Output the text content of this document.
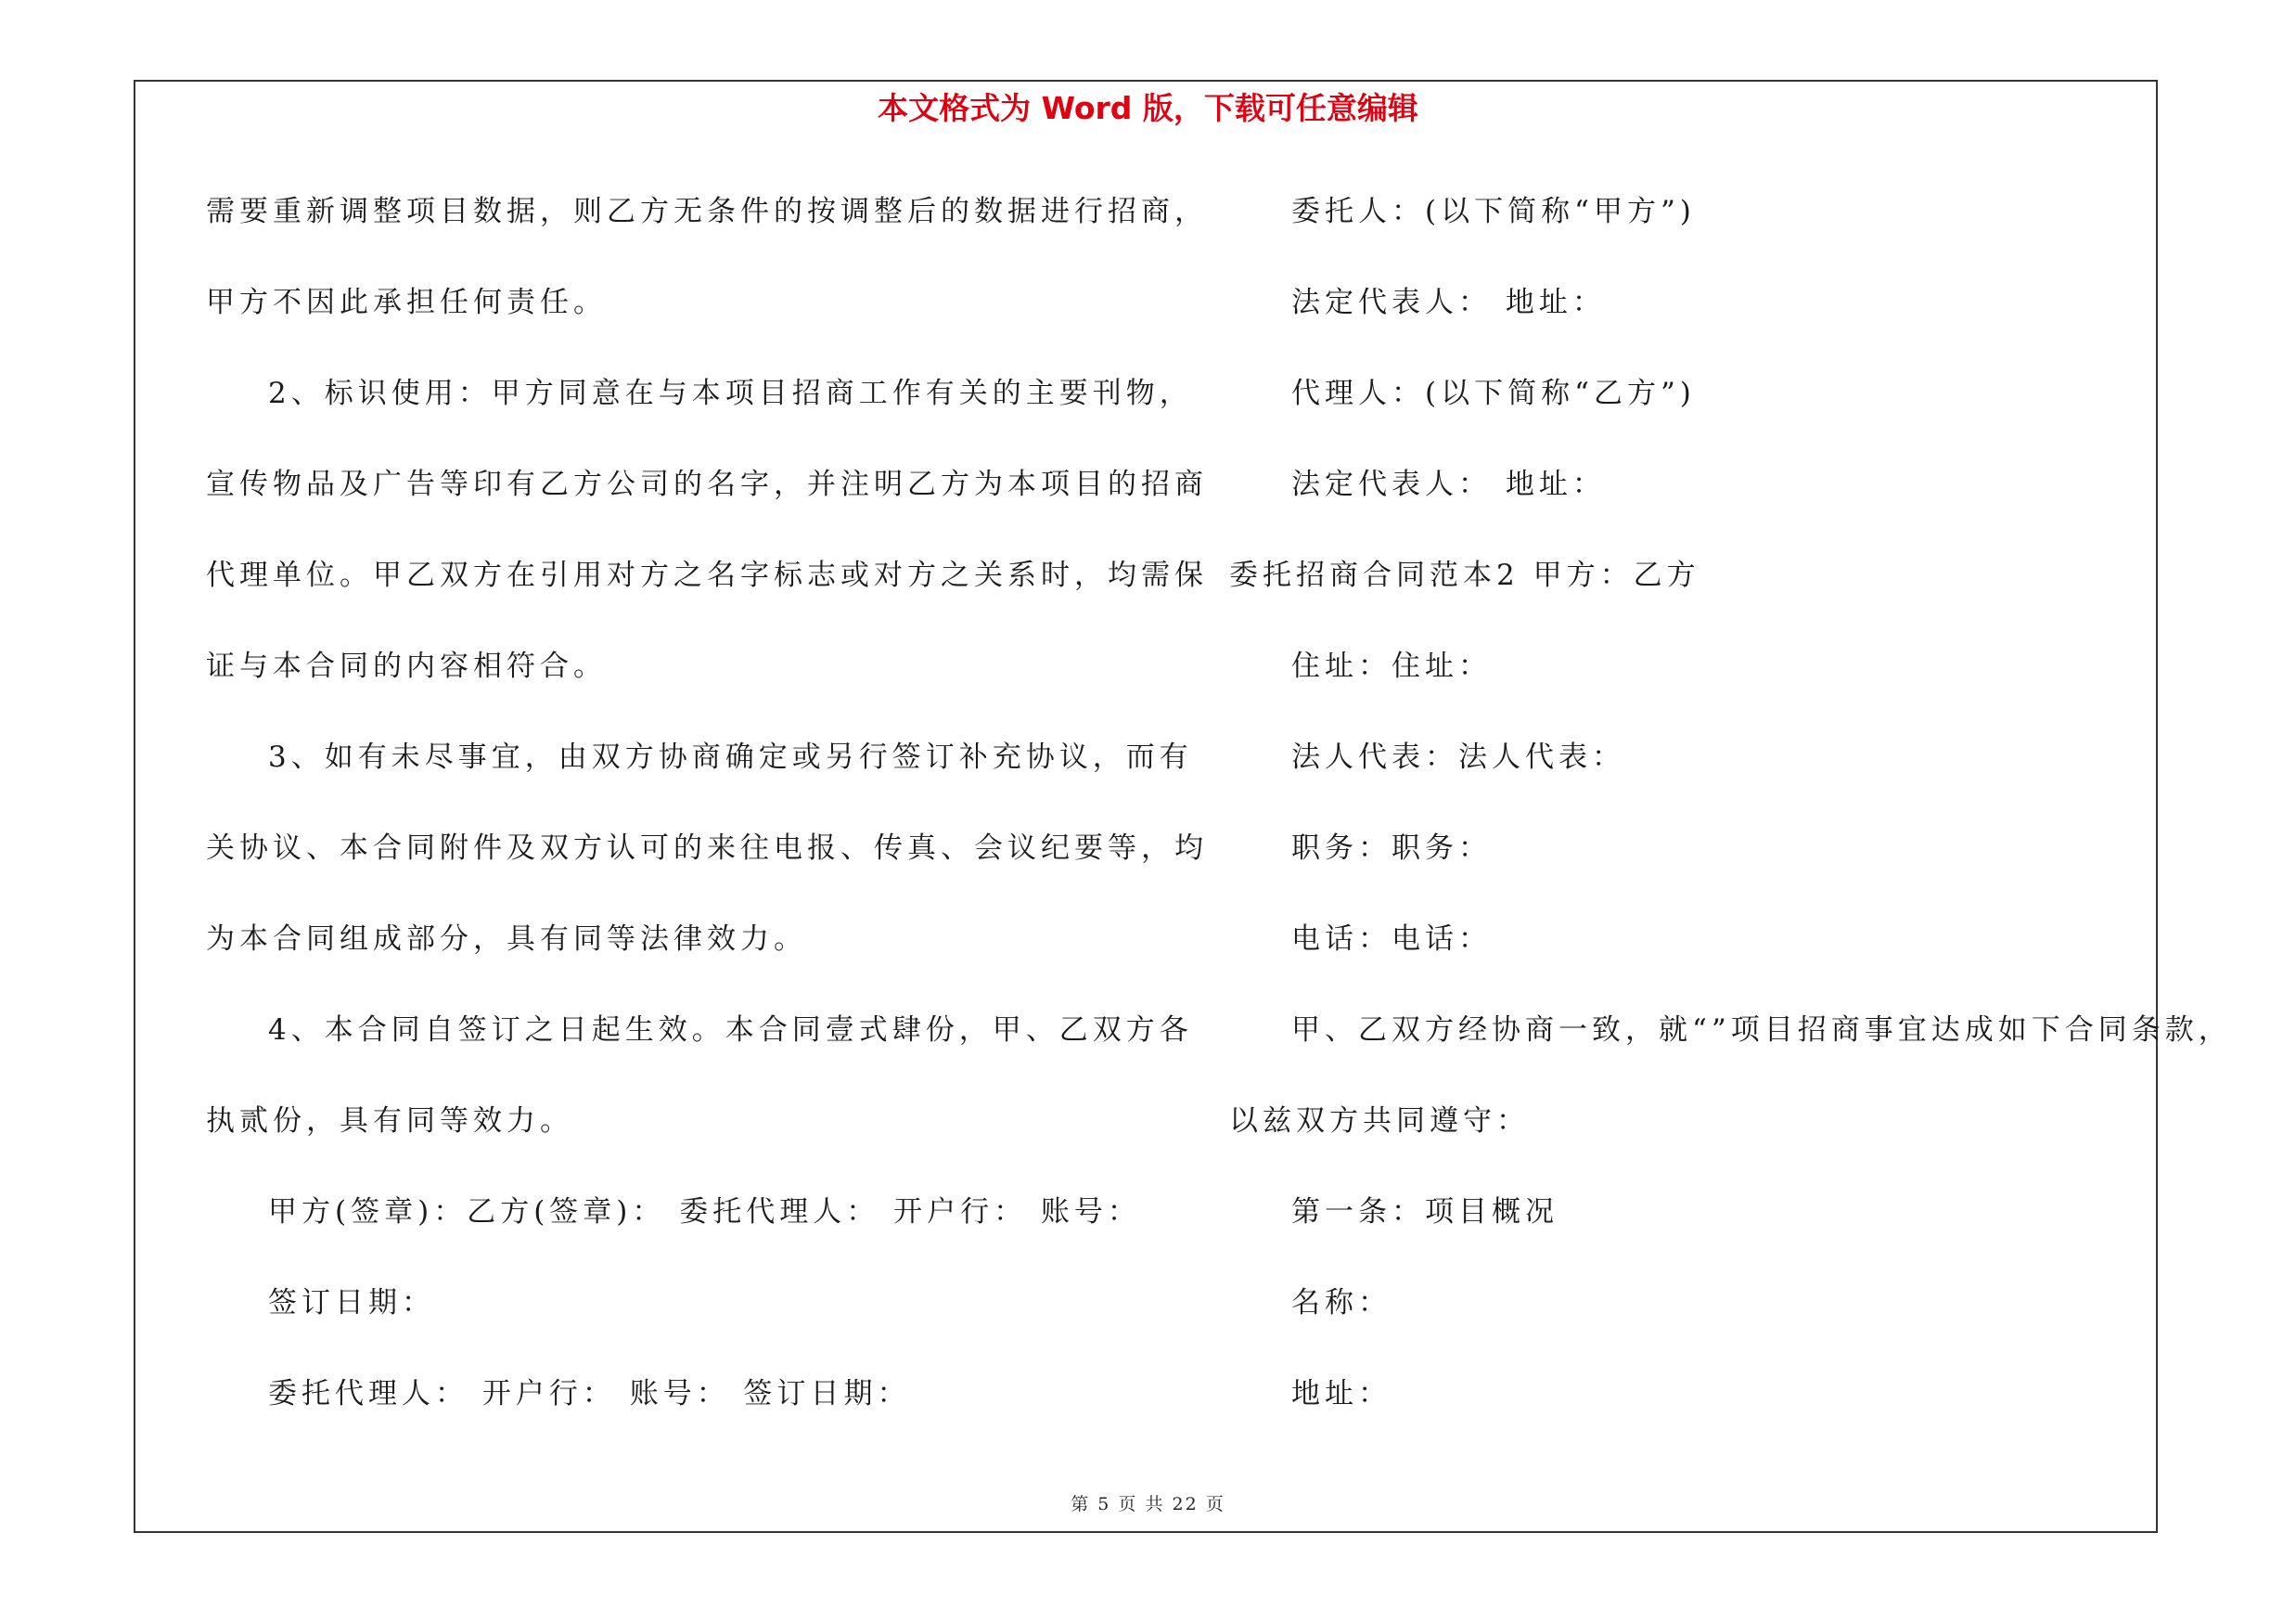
本文格式为 Word 版，下载可任意编辑
需要重新调整项目数据，则乙方无条件的按调整后的数据进行招商，
甲方不因此承担任何责任。
2、标识使用：甲方同意在与本项目招商工作有关的主要刊物，
宣传物品及广告等印有乙方公司的名字，并注明乙方为本项目的招商
代理单位。甲乙双方在引用对方之名字标志或对方之关系时，均需保
证与本合同的内容相符合。
3、如有未尽事宜，由双方协商确定或另行签订补充协议，而有
关协议、本合同附件及双方认可的来往电报、传真、会议纪要等，均
为本合同组成部分，具有同等法律效力。
4、本合同自签订之日起生效。本合同壹式肆份，甲、乙双方各
执贰份，具有同等效力。
甲方(签章)：乙方(签章)： 委托代理人： 开户行： 账号：
签订日期：
委托代理人： 开户行： 账号： 签订日期：
委托人：(以下简称“甲方”)
法定代表人： 地址：
代理人：(以下简称“乙方”)
法定代表人： 地址：
委托招商合同范本2 甲方：乙方
住址：住址：
法人代表：法人代表：
职务：职务：
电话：电话：
甲、乙双方经协商一致，就“”项目招商事宜达成如下合同条款，
以兹双方共同遵守：
第一条：项目概况
名称：
地址：
第 5 页 共 22 页
